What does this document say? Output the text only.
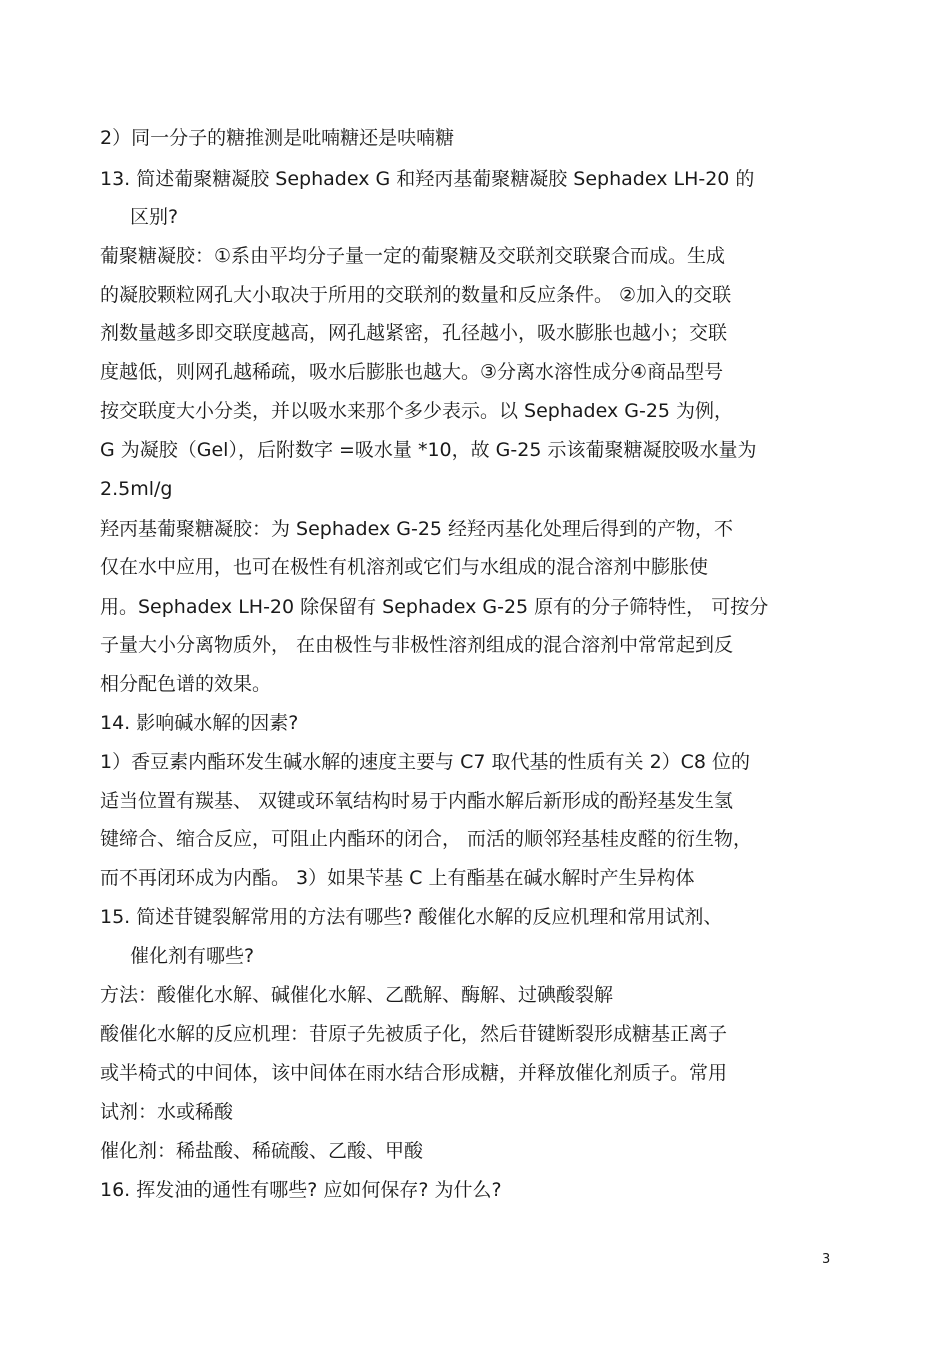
2）同一分子的糖推测是吡喃糖还是呋喃糖
13. 简述葡聚糖凝胶 Sephadex G 和羟丙基葡聚糖凝胶 Sephadex LH-20 的
区别?
葡聚糖凝胶：①系由平均分子量一定的葡聚糖及交联剂交联聚合而成。生成
的凝胶颗粒网孔大小取决于所用的交联剂的数量和反应条件。 ②加入的交联
剂数量越多即交联度越高，网孔越紧密，孔径越小，吸水膨胀也越小；交联
度越低，则网孔越稀疏，吸水后膨胀也越大。③分离水溶性成分④商品型号
按交联度大小分类，并以吸水来那个多少表示。以 Sephadex G-25 为例，
G 为凝胶（Gel），后附数字 =吸水量 *10，故 G-25 示该葡聚糖凝胶吸水量为
2.5ml/g
羟丙基葡聚糖凝胶：为 Sephadex G-25 经羟丙基化处理后得到的产物，不
仅在水中应用，也可在极性有机溶剂或它们与水组成的混合溶剂中膨胀使
用。Sephadex LH-20 除保留有 Sephadex G-25 原有的分子筛特性， 可按分
子量大小分离物质外， 在由极性与非极性溶剂组成的混合溶剂中常常起到反
相分配色谱的效果。
14. 影响碱水解的因素?
1）香豆素内酯环发生碱水解的速度主要与 C7 取代基的性质有关 2）C8 位的
适当位置有羰基、 双键或环氧结构时易于内酯水解后新形成的酚羟基发生氢
键缔合、缩合反应，可阻止内酯环的闭合， 而活的顺邻羟基桂皮醛的衍生物，
而不再闭环成为内酯。 3）如果苄基 C 上有酯基在碱水解时产生异构体
15. 简述苷键裂解常用的方法有哪些? 酸催化水解的反应机理和常用试剂、
催化剂有哪些?
方法：酸催化水解、碱催化水解、乙酰解、酶解、过碘酸裂解
酸催化水解的反应机理：苷原子先被质子化，然后苷键断裂形成糖基正离子
或半椅式的中间体，该中间体在雨水结合形成糖，并释放催化剂质子。常用
试剂：水或稀酸
催化剂：稀盐酸、稀硫酸、乙酸、甲酸
16. 挥发油的通性有哪些? 应如何保存? 为什么?
3
